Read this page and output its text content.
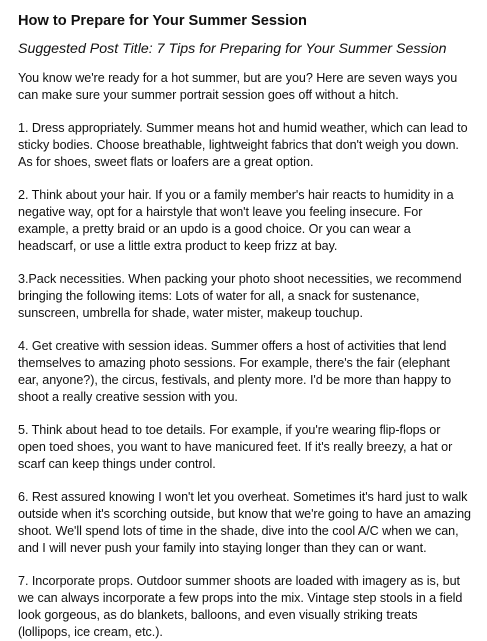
How to Prepare for Your Summer Session
Suggested Post Title: 7 Tips for Preparing for Your Summer Session

You know we're ready for a hot summer, but are you? Here are seven ways you can make sure your summer portrait session goes off without a hitch.

1. Dress appropriately. Summer means hot and humid weather, which can lead to sticky bodies. Choose breathable, lightweight fabrics that don't weigh you down. As for shoes, sweet flats or loafers are a great option.

2. Think about your hair. If you or a family member's hair reacts to humidity in a negative way, opt for a hairstyle that won't leave you feeling insecure. For example, a pretty braid or an updo is a good choice. Or you can wear a headscarf, or use a little extra product to keep frizz at bay.

3.Pack necessities. When packing your photo shoot necessities, we recommend bringing the following items: Lots of water for all, a snack for sustenance, sunscreen, umbrella for shade, water mister, makeup touchup.

4. Get creative with session ideas. Summer offers a host of activities that lend themselves to amazing photo sessions. For example, there's the fair (elephant ear, anyone?), the circus, festivals, and plenty more. I'd be more than happy to shoot a really creative session with you.

5. Think about head to toe details. For example, if you're wearing flip-flops or open toed shoes, you want to have manicured feet. If it's really breezy, a hat or scarf can keep things under control.

6. Rest assured knowing I won't let you overheat. Sometimes it's hard just to walk outside when it's scorching outside, but know that we're going to have an amazing shoot. We'll spend lots of time in the shade, dive into the cool A/C when we can, and I will never push your family into staying longer than they can or want.

7. Incorporate props. Outdoor summer shoots are loaded with imagery as is, but we can always incorporate a few props into the mix. Vintage step stools in a field look gorgeous, as do blankets, balloons, and even visually striking treats (lollipops, ice cream, etc.).
